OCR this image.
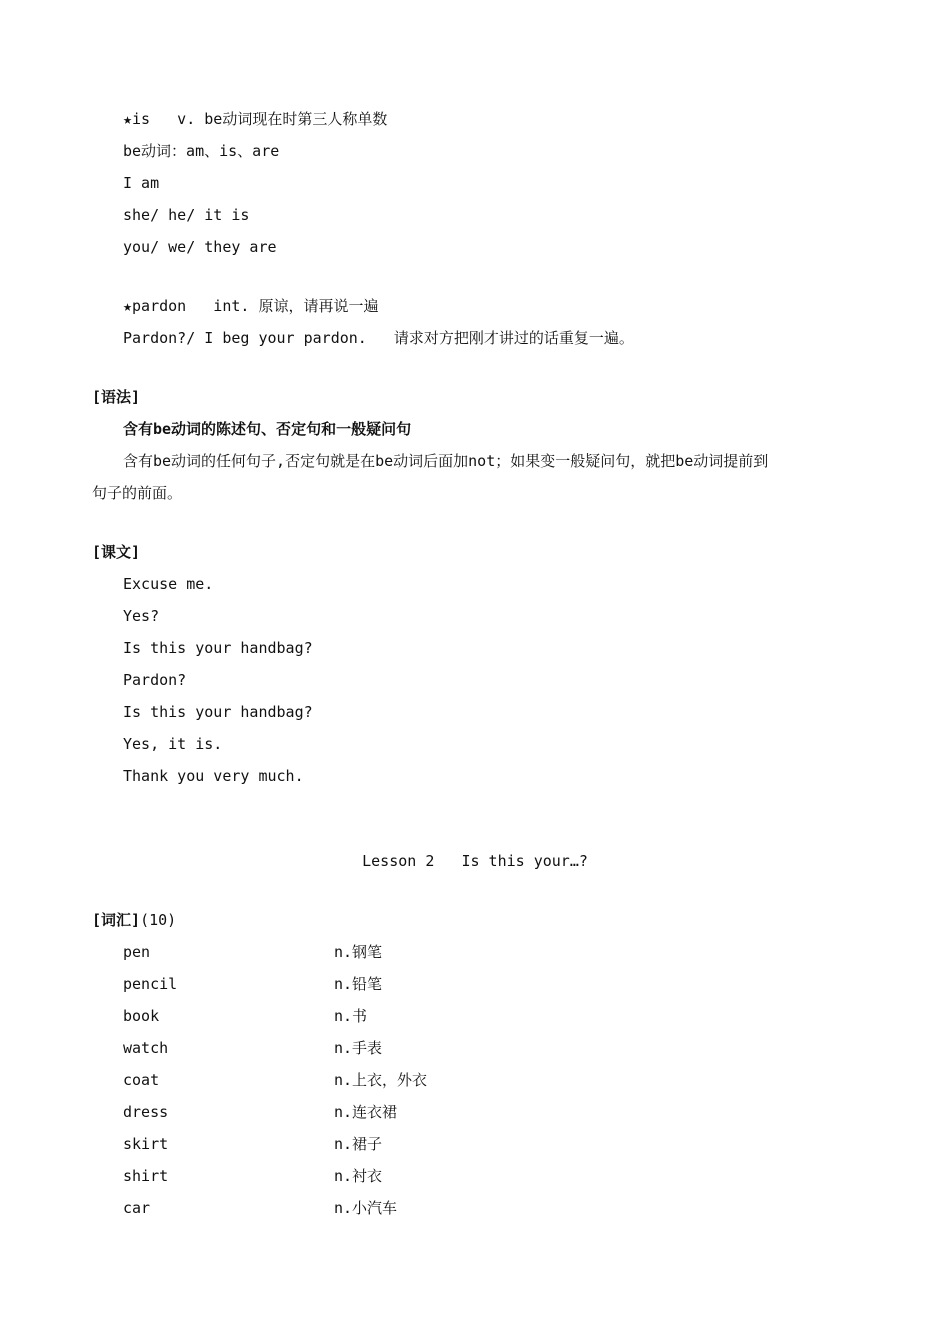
★is   v. be动词现在时第三人称单数
be动词：am、is、are
I am
she/ he/ it is
you/ we/ they are
★pardon   int. 原谅，请再说一遍
Pardon?/ I beg your pardon.   请求对方把刚才讲过的话重复一遍。
[语法]
含有be动词的陈述句、否定句和一般疑问句
含有be动词的任何句子,否定句就是在be动词后面加not；如果变一般疑问句，就把be动词提前到
句子的前面。
[课文]
Excuse me.
Yes?
Is this your handbag?
Pardon?
Is this your handbag?
Yes, it is.
Thank you very much.
Lesson 2   Is this your…?
[词汇](10)
pen	n.钢笔
pencil	n.铅笔
book	n.书
watch	n.手表
coat	n.上衣，外衣
dress	n.连衣裙
skirt	n.裙子
shirt	n.衬衣
car	n.小汽车
